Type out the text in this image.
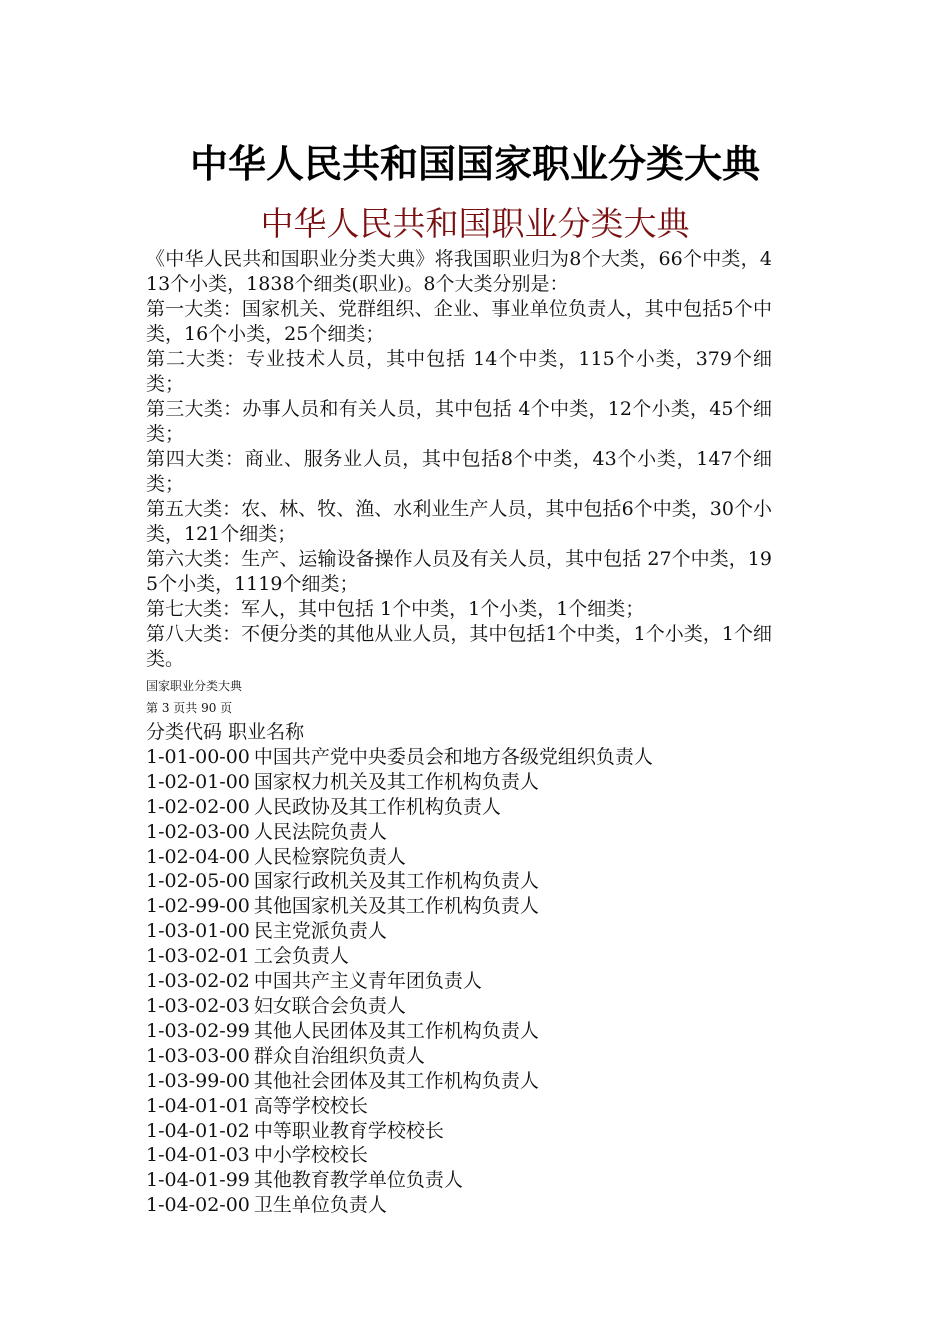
中华人民共和国国家职业分类大典
中华人民共和国职业分类大典

《中华人民共和国职业分类大典》将我国职业归为8个大类，66个中类，413个小类，1838个细类(职业)。8个大类分别是：

第一大类：国家机关、党群组织、企业、事业单位负责人，其中包括5个中类，16个小类，25个细类；

第二大类：专业技术人员，其中包括 14个中类，115个小类，379个细类；

第三大类：办事人员和有关人员，其中包括 4个中类，12个小类，45个细类；

第四大类：商业、服务业人员，其中包括8个中类，43个小类，147个细类；

第五大类：农、林、牧、渔、水利业生产人员，其中包括6个中类，30个小类，121个细类；

第六大类：生产、运输设备操作人员及有关人员，其中包括 27个中类，195个小类，1119个细类；

第七大类：军人，其中包括 1个中类，1个小类，1个细类；

第八大类：不便分类的其他从业人员，其中包括1个中类，1个小类，1个细类。

国家职业分类大典
第 3 页共 90 页
分类代码 职业名称
1-01-00-00 中国共产党中央委员会和地方各级党组织负责人
1-02-01-00 国家权力机关及其工作机构负责人
1-02-02-00 人民政协及其工作机构负责人
1-02-03-00 人民法院负责人
1-02-04-00 人民检察院负责人
1-02-05-00 国家行政机关及其工作机构负责人
1-02-99-00 其他国家机关及其工作机构负责人
1-03-01-00 民主党派负责人
1-03-02-01 工会负责人
1-03-02-02 中国共产主义青年团负责人
1-03-02-03 妇女联合会负责人
1-03-02-99 其他人民团体及其工作机构负责人
1-03-03-00 群众自治组织负责人
1-03-99-00 其他社会团体及其工作机构负责人
1-04-01-01 高等学校校长
1-04-01-02 中等职业教育学校校长
1-04-01-03 中小学校校长
1-04-01-99 其他教育教学单位负责人
1-04-02-00 卫生单位负责人
